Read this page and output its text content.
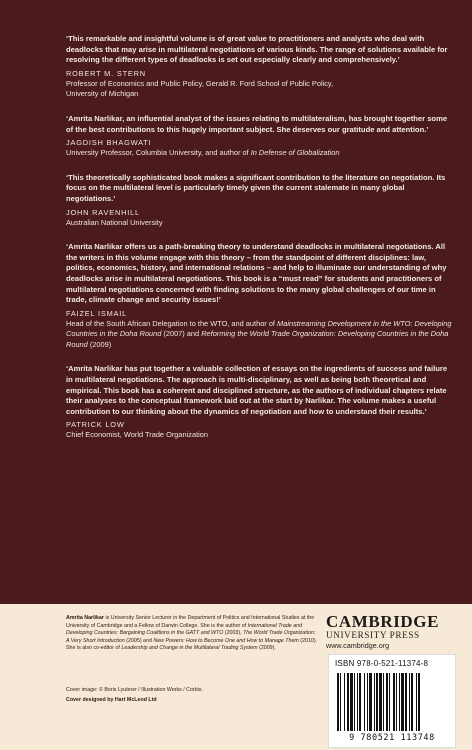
‘This remarkable and insightful volume is of great value to practitioners and analysts who deal with deadlocks that may arise in multilateral negotiations of various kinds. The range of solutions available for resolving the different types of deadlocks is set out especially clearly and comprehensively.’

ROBERT M. STERN
Professor of Economics and Public Policy, Gerald R. Ford School of Public Policy,
University of Michigan

‘Amrita Narlikar, an influential analyst of the issues relating to multilateralism, has brought together some of the best contributions to this hugely important subject. She deserves our gratitude and attention.’

JAGDISH BHAGWATI
University Professor, Columbia University, and author of In Defense of Globalization

‘This theoretically sophisticated book makes a significant contribution to the literature on negotiation. Its focus on the multilateral level is particularly timely given the current stalemate in many global negotiations.’

JOHN RAVENHILL
Australian National University

‘Amrita Narlikar offers us a path-breaking theory to understand deadlocks in multilateral negotiations. All the writers in this volume engage with this theory – from the standpoint of different disciplines: law, politics, economics, history, and international relations – and help to illuminate our understanding of why deadlocks arise in multilateral negotiations. This book is a “must read” for students and practitioners of multilateral negotiations concerned with finding solutions to the many global challenges of our time in trade, climate change and security issues!’

FAIZEL ISMAIL
Head of the South African Delegation to the WTO, and author of Mainstreaming Development in the WTO: Developing Countries in the Doha Round (2007) and Reforming the World Trade Organization: Developing Countries in the Doha Round (2009)

‘Amrita Narlikar has put together a valuable collection of essays on the ingredients of success and failure in multilateral negotiations. The approach is multi-disciplinary, as well as being both theoretical and empirical. This book has a coherent and disciplined structure, as the authors of individual chapters relate their analyses to the conceptual framework laid out at the start by Narlikar. The volume makes a useful contribution to our thinking about the dynamics of negotiation and how to understand their results.’

PATRICK LOW
Chief Economist, World Trade Organization
Amrita Narlikar is University Senior Lecturer in the Department of Politics and International Studies at the University of Cambridge and a Fellow of Darwin College. She is the author of International Trade and Developing Countries: Bargaining Coalitions in the GATT and WTO (2003), The World Trade Organization: A Very Short Introduction (2005) and New Powers: How to Become One and How to Manage Them (2010). She is also co-editor of Leadership and Change in the Multilateral Trading System (2009).
Cover image: © Boris Lyubner / Illustration Works / Corbis.
Cover designed by Hart McLeod Ltd
CAMBRIDGE
UNIVERSITY PRESS
www.cambridge.org
ISBN 978-0-521-11374-8
9 780521 113748
